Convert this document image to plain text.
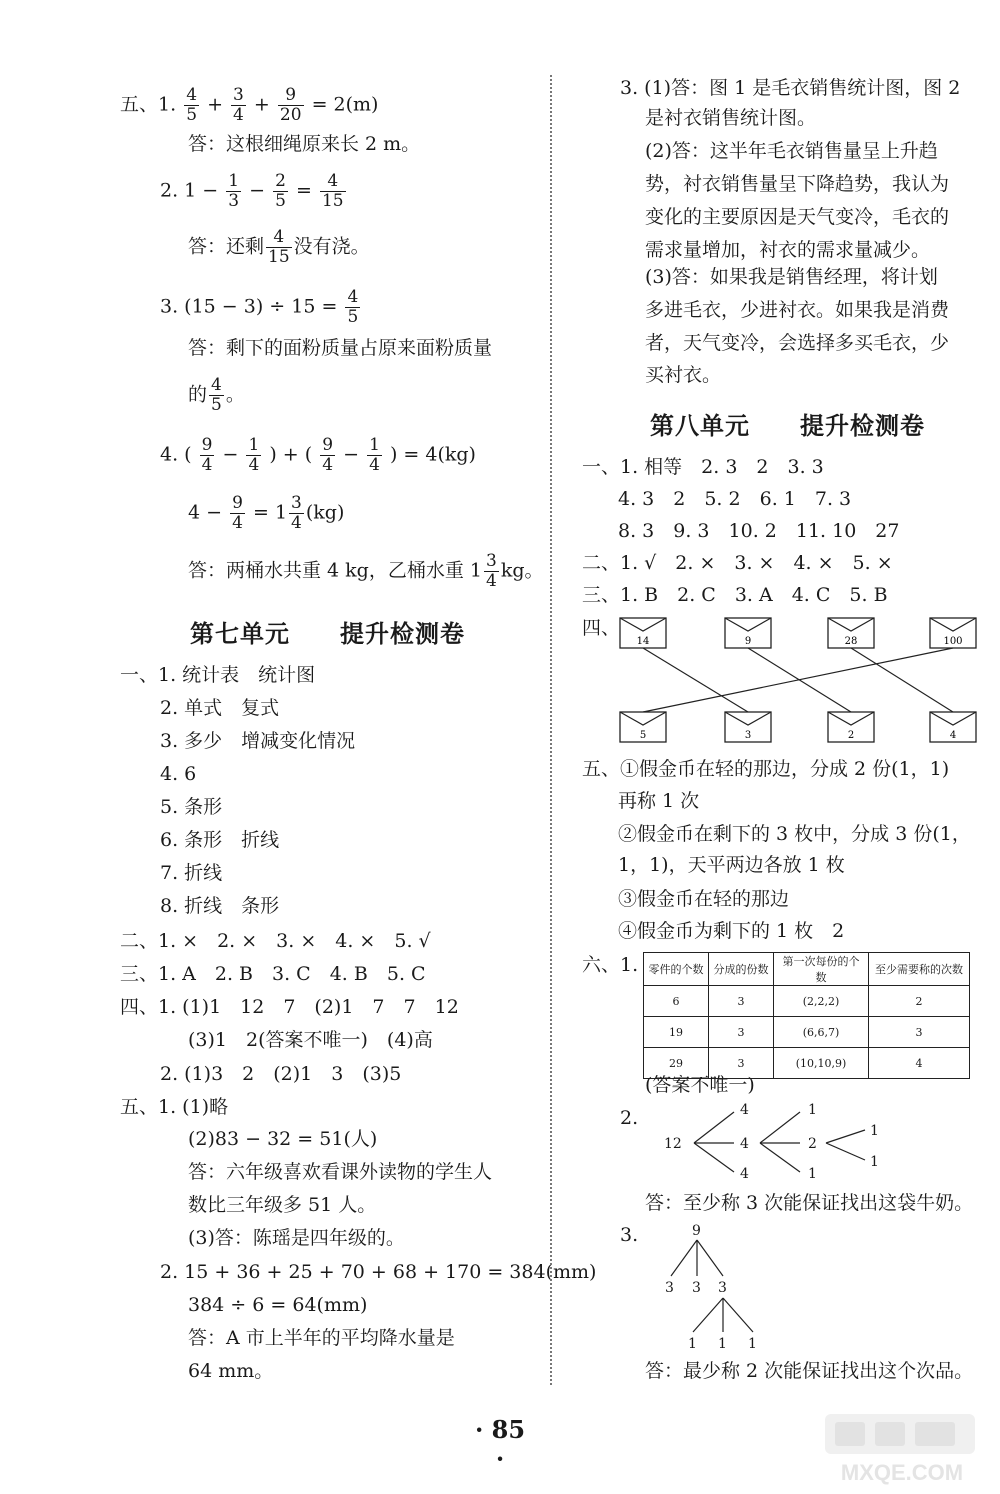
五、1. $\frac{4}{5} + \frac{3}{4} + \frac{9}{20} = 2(m)$
答：这根细绳原来长 2 m。
2. $1 - \frac{1}{3} - \frac{2}{5} = \frac{4}{15}$
答：还剩 $\frac{4}{15}$ 没有浇。
3. $(15 - 3) \div 15 = \frac{4}{5}$
答：剩下的面粉质量占原来面粉质量
的 $\frac{4}{5}$ 。
4. ( $\frac{9}{4} - \frac{1}{4}$ ) + ( $\frac{9}{4} - \frac{1}{4}$ ) = 4(kg)
$4 - \frac{9}{4} = 1 \frac{3}{4} (kg)$
答：两桶水共重 4 kg，乙桶水重 $1 \frac{3}{4}$ kg。
第七单元　　提升检测卷
一、1. 统计表　统计图
2. 单式　复式
3. 多少　增减变化情况
4. 6
5. 条形
6. 条形　折线
7. 折线
8. 折线　条形
二、1. ×　2. ×　3. ×　4. ×　5. √
三、1. A　2. B　3. C　4. B　5. C
四、1. (1)1　12　7　(2)1　7　7　12
(3)1　2(答案不唯一)　(4)高
2. (1)3　2　(2)1　3　(3)5
五、1. (1)略
(2)83 − 32 = 51(人)
答：六年级喜欢看课外读物的学生人
数比三年级多 51 人。
(3)答：陈瑶是四年级的。
2. 15 + 36 + 25 + 70 + 68 + 170 = 384(mm)
384 ÷ 6 = 64(mm)
答：A 市上半年的平均降水量是
64 mm。
3. (1)答：图 1 是毛衣销售统计图，图 2
是衬衣销售统计图。
(2)答：这半年毛衣销售量呈上升趋
势，衬衣销售量呈下降趋势，我认为
变化的主要原因是天气变冷，毛衣的
需求量增加，衬衣的需求量减少。
(3)答：如果我是销售经理，将计划
多进毛衣，少进衬衣。如果我是消费
者，天气变冷，会选择多买毛衣，少
买衬衣。
第八单元　　提升检测卷
一、1. 相等　2. 3　2　3. 3
4. 3　2　5. 2　6. 1　7. 3
8. 3　9. 3　10. 2　11. 10　27
二、1. √　2. ×　3. ×　4. ×　5. ×
三、1. B　2. C　3. A　4. C　5. B
四、
14	9	28	100
5	3	2	4
五、①假金币在轻的那边，分成 2 份(1，1)
再称 1 次
②假金币在剩下的 3 枚中，分成 3 份(1，
1，1)，天平两边各放 1 枚
③假金币在轻的那边
④假金币为剩下的 1 枚　2
六、1. 零件的个数	分成的份数	第一次每份的个数	至少需要称的次数
6	3	(2,2,2)	2
19	3	(6,6,7)	3
29	3	(10,10,9)	4
(答案不唯一)
2.
12
4
4
4
1
2
1
1
1
答：至少称 3 次能保证找出这袋牛奶。
3.	9
3 3 3
1 1 1
答：最少称 2 次能保证找出这个次品。
· 85 ·	MXQE.COM
